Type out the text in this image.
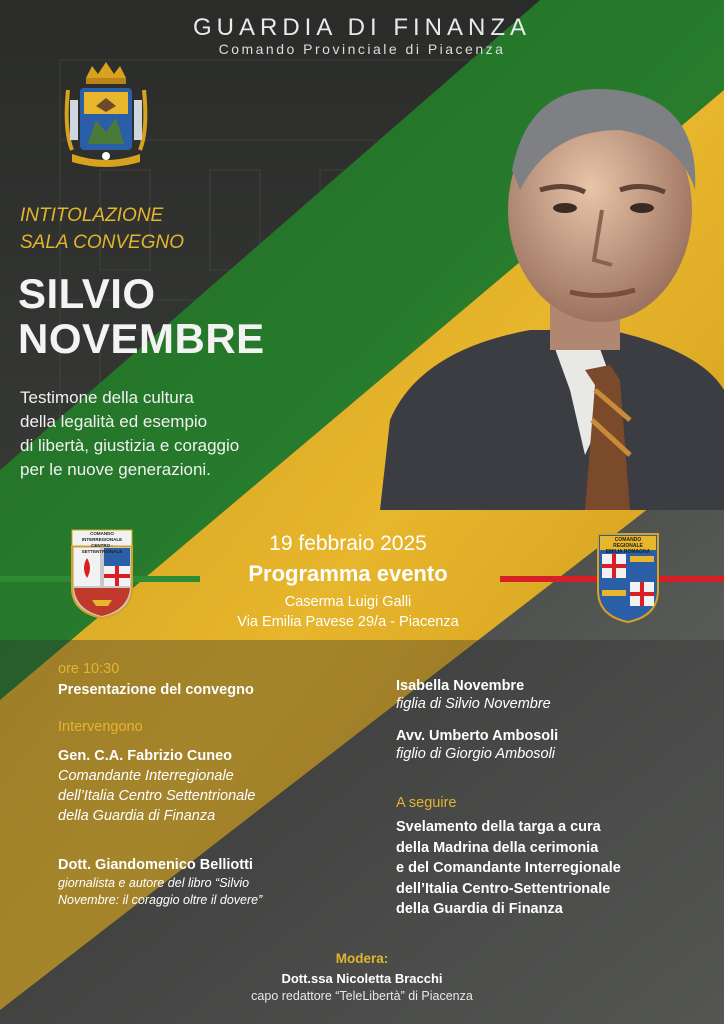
GUARDIA DI FINANZA
Comando Provinciale di Piacenza
INTITOLAZIONE
SALA CONVEGNO
SILVIO
NOVEMBRE
Testimone della cultura
della legalità ed esempio
di libertà, giustizia e coraggio
per le nuove generazioni.
COMANDO INTERREGIONALE
CENTRO - SETTENTRIONALE
COMANDO REGIONALE
EMILIA ROMAGNA
19 febbraio 2025
Programma evento
Caserma Luigi Galli
Via Emilia Pavese 29/a - Piacenza
ore 10:30
Presentazione del convegno
Intervengono
Gen. C.A. Fabrizio Cuneo
Comandante Interregionale
dell’Italia Centro Settentrionale
della Guardia di Finanza
Dott. Giandomenico Belliotti
giornalista e autore del libro “Silvio
Novembre: il coraggio oltre il dovere”
Isabella Novembre
figlia di Silvio Novembre
Avv. Umberto Ambosoli
figlio di Giorgio Ambosoli
A seguire
Svelamento della targa a cura
della Madrina della cerimonia
e del Comandante Interregionale
dell’Italia Centro-Settentrionale
della Guardia di Finanza
Modera:
Dott.ssa Nicoletta Bracchi
capo redattore “TeleLibertà” di Piacenza
